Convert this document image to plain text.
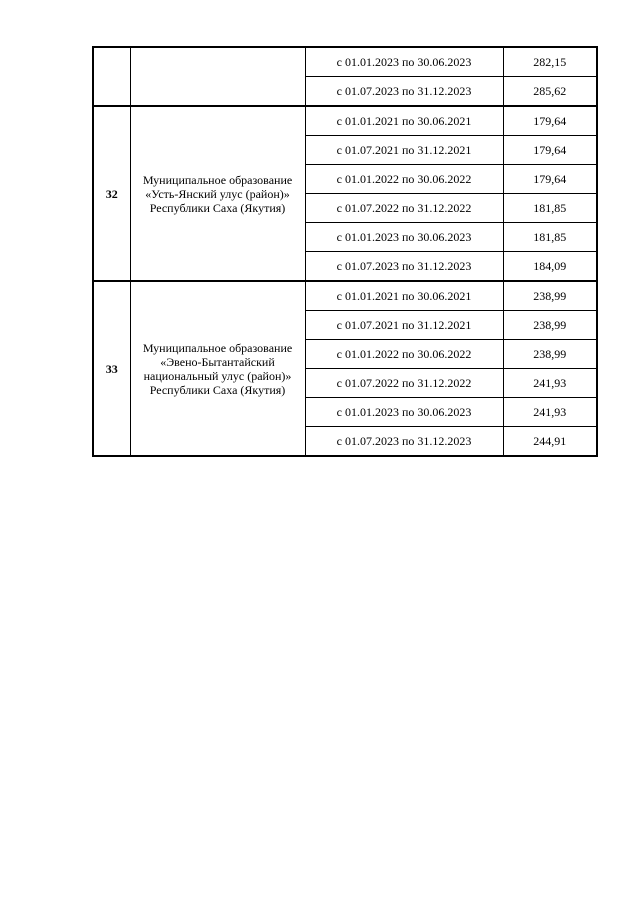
		с 01.01.2023 по 30.06.2023	282,15
		с 01.07.2023 по 31.12.2023	285,62
32	Муниципальное образование «Усть-Янский улус (район)» Республики Саха (Якутия)	с 01.01.2021 по 30.06.2021	179,64
		с 01.07.2021 по 31.12.2021	179,64
		с 01.01.2022 по 30.06.2022	179,64
		с 01.07.2022 по 31.12.2022	181,85
		с 01.01.2023 по 30.06.2023	181,85
		с 01.07.2023 по 31.12.2023	184,09
33	Муниципальное образование «Эвено-Бытантайский национальный улус (район)» Республики Саха (Якутия)	с 01.01.2021 по 30.06.2021	238,99
		с 01.07.2021 по 31.12.2021	238,99
		с 01.01.2022 по 30.06.2022	238,99
		с 01.07.2022 по 31.12.2022	241,93
		с 01.01.2023 по 30.06.2023	241,93
		с 01.07.2023 по 31.12.2023	244,91
